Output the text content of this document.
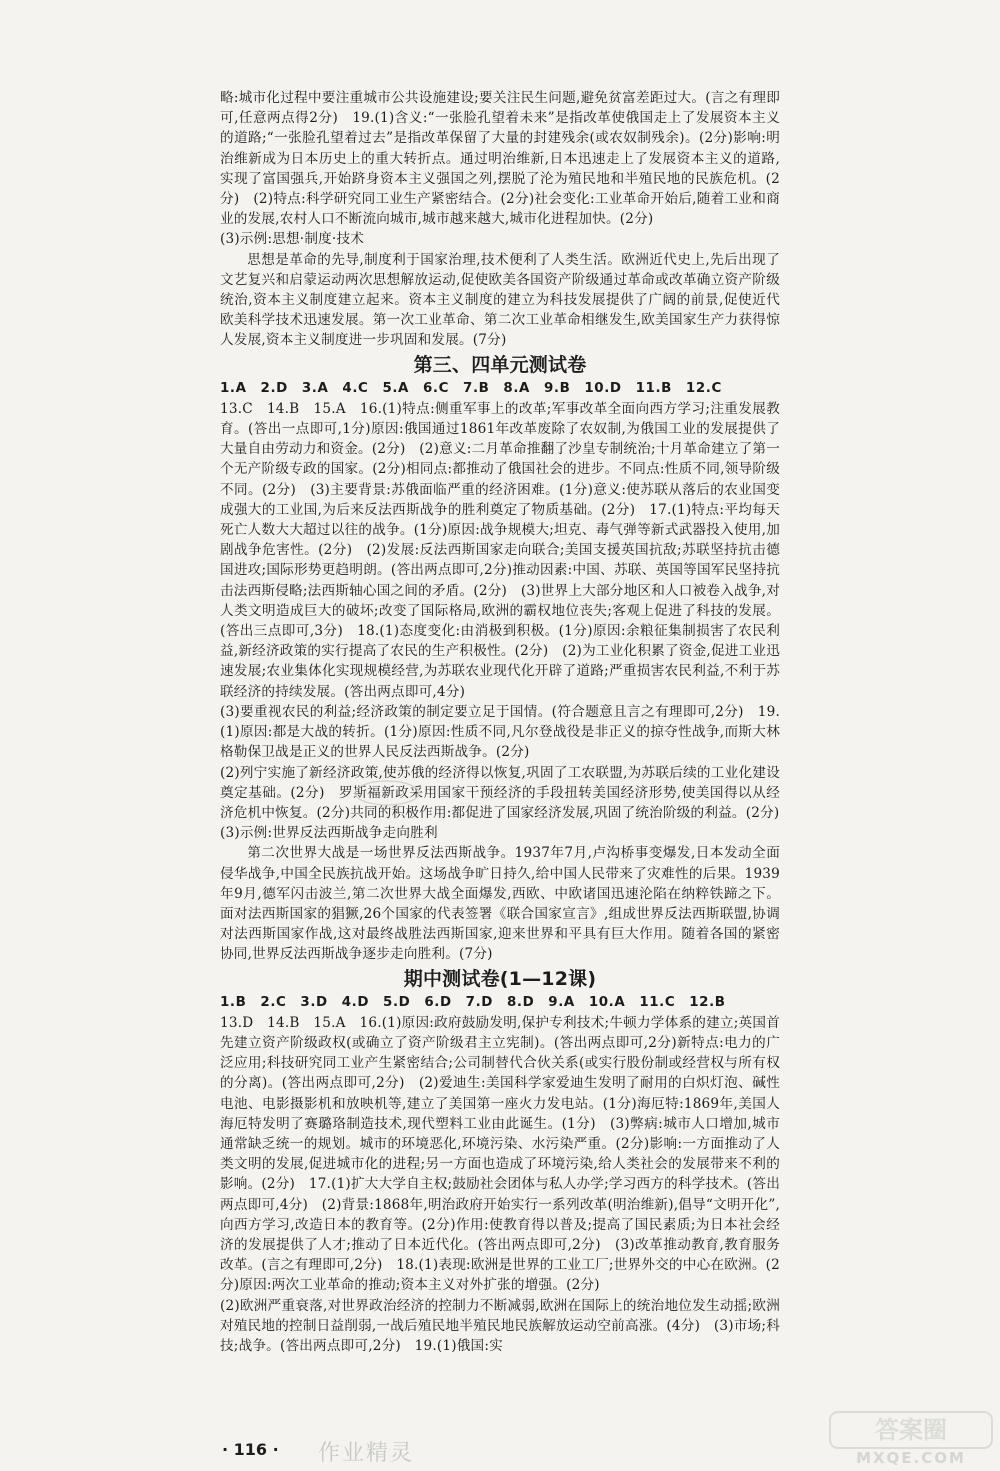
略:城市化过程中要注重城市公共设施建设;要关注民生问题,避免贫富差距过大。(言之有理即可,任意两点得2分)　19.(1)含义:“一张脸孔望着未来”是指改革使俄国走上了发展资本主义的道路;“一张脸孔望着过去”是指改革保留了大量的封建残余(或农奴制残余)。(2分)影响:明治维新成为日本历史上的重大转折点。通过明治维新,日本迅速走上了发展资本主义的道路,实现了富国强兵,开始跻身资本主义强国之列,摆脱了沦为殖民地和半殖民地的民族危机。(2分)　(2)特点:科学研究同工业生产紧密结合。(2分)社会变化:工业革命开始后,随着工业和商业的发展,农村人口不断流向城市,城市越来越大,城市化进程加快。(2分)

(3)示例:思想·制度·技术

思想是革命的先导,制度利于国家治理,技术便利了人类生活。欧洲近代史上,先后出现了文艺复兴和启蒙运动两次思想解放运动,促使欧美各国资产阶级通过革命或改革确立资产阶级统治,资本主义制度建立起来。资本主义制度的建立为科技发展提供了广阔的前景,促使近代欧美科学技术迅速发展。第一次工业革命、第二次工业革命相继发生,欧美国家生产力获得惊人发展,资本主义制度进一步巩固和发展。(7分)

第三、四单元测试卷

1.A　2.D　3.A　4.C　5.A　6.C　7.B　8.A　9.B　10.D　11.B　12.C

13.C　14.B　15.A　16.(1)特点:侧重军事上的改革;军事改革全面向西方学习;注重发展教育。(答出一点即可,1分)原因:俄国通过1861年改革废除了农奴制,为俄国工业的发展提供了大量自由劳动力和资金。(2分)　(2)意义:二月革命推翻了沙皇专制统治;十月革命建立了第一个无产阶级专政的国家。(2分)相同点:都推动了俄国社会的进步。不同点:性质不同,领导阶级不同。(2分)　(3)主要背景:苏俄面临严重的经济困难。(1分)意义:使苏联从落后的农业国变成强大的工业国,为后来反法西斯战争的胜利奠定了物质基础。(2分)　17.(1)特点:平均每天死亡人数大大超过以往的战争。(1分)原因:战争规模大;坦克、毒气弹等新式武器投入使用,加剧战争危害性。(2分)　(2)发展:反法西斯国家走向联合;美国支援英国抗敌;苏联坚持抗击德国进攻;国际形势更趋明朗。(答出两点即可,2分)推动因素:中国、苏联、英国等国军民坚持抗击法西斯侵略;法西斯轴心国之间的矛盾。(2分)　(3)世界上大部分地区和人口被卷入战争,对人类文明造成巨大的破坏;改变了国际格局,欧洲的霸权地位丧失;客观上促进了科技的发展。(答出三点即可,3分)　18.(1)态度变化:由消极到积极。(1分)原因:余粮征集制损害了农民利益,新经济政策的实行提高了农民的生产积极性。(2分)　(2)为工业化积累了资金,促进工业迅速发展;农业集体化实现规模经营,为苏联农业现代化开辟了道路;严重损害农民利益,不利于苏联经济的持续发展。(答出两点即可,4分)

(3)要重视农民的利益;经济政策的制定要立足于国情。(符合题意且言之有理即可,2分)　19.(1)原因:都是大战的转折。(1分)原因:性质不同,凡尔登战役是非正义的掠夺性战争,而斯大林格勒保卫战是正义的世界人民反法西斯战争。(2分)

(2)列宁实施了新经济政策,使苏俄的经济得以恢复,巩固了工农联盟,为苏联后续的工业化建设奠定基础。(2分)　罗斯福新政采用国家干预经济的手段扭转美国经济形势,使美国得以从经济危机中恢复。(2分)共同的积极作用:都促进了国家经济发展,巩固了统治阶级的利益。(2分)

(3)示例:世界反法西斯战争走向胜利

第二次世界大战是一场世界反法西斯战争。1937年7月,卢沟桥事变爆发,日本发动全面侵华战争,中国全民族抗战开始。这场战争旷日持久,给中国人民带来了灾难性的后果。1939年9月,德军闪击波兰,第二次世界大战全面爆发,西欧、中欧诸国迅速沦陷在纳粹铁蹄之下。面对法西斯国家的猖獗,26个国家的代表签署《联合国家宣言》,组成世界反法西斯联盟,协调对法西斯国家作战,这对最终战胜法西斯国家,迎来世界和平具有巨大作用。随着各国的紧密协同,世界反法西斯战争逐步走向胜利。(7分)

期中测试卷(1—12课)

1.B　2.C　3.D　4.D　5.D　6.D　7.D　8.D　9.A　10.A　11.C　12.B

13.D　14.B　15.A　16.(1)原因:政府鼓励发明,保护专利技术;牛顿力学体系的建立;英国首先建立资产阶级政权(或确立了资产阶级君主立宪制)。(答出两点即可,2分)新特点:电力的广泛应用;科技研究同工业产生紧密结合;公司制替代合伙关系(或实行股份制或经营权与所有权的分离)。(答出两点即可,2分)　(2)爱迪生:美国科学家爱迪生发明了耐用的白炽灯泡、碱性电池、电影摄影机和放映机等,建立了美国第一座火力发电站。(1分)海厄特:1869年,美国人海厄特发明了赛璐珞制造技术,现代塑料工业由此诞生。(1分)　(3)弊病:城市人口增加,城市通常缺乏统一的规划。城市的环境恶化,环境污染、水污染严重。(2分)影响:一方面推动了人类文明的发展,促进城市化的进程;另一方面也造成了环境污染,给人类社会的发展带来不利的影响。(2分)　17.(1)扩大大学自主权;鼓励社会团体与私人办学;学习西方的科学技术。(答出两点即可,4分)　(2)背景:1868年,明治政府开始实行一系列改革(明治维新),倡导“文明开化”,向西方学习,改造日本的教育等。(2分)作用:使教育得以普及;提高了国民素质;为日本社会经济的发展提供了人才;推动了日本近代化。(答出两点即可,2分)　(3)改革推动教育,教育服务改革。(言之有理即可,2分)　18.(1)表现:欧洲是世界的工业工厂;世界外交的中心在欧洲。(2分)原因:两次工业革命的推动;资本主义对外扩张的增强。(2分)

(2)欧洲严重衰落,对世界政治经济的控制力不断减弱,欧洲在国际上的统治地位发生动摇;欧洲对殖民地的控制日益削弱,一战后殖民地半殖民地民族解放运动空前高涨。(4分)　(3)市场;科技;战争。(答出两点即可,2分)　19.(1)俄国:实

· 116 · 作业精灵
答案圈
MXQE.COM
